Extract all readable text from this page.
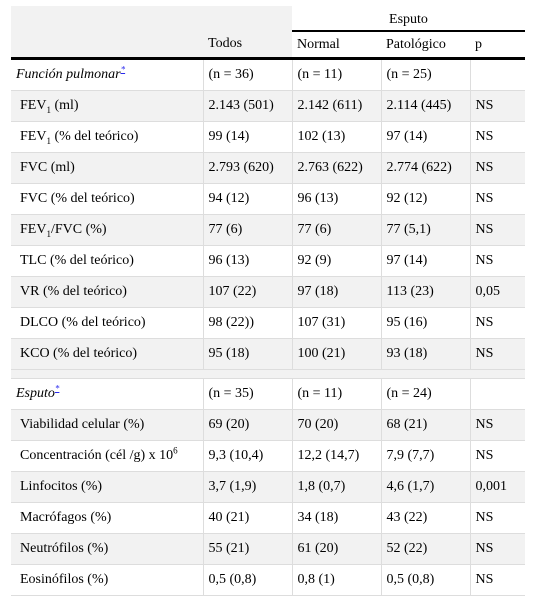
		Esputo		
	Todos	Normal	Patológico	p
Función pulmonar*	(n = 36)	(n = 11)	(n = 25)	
$FEV_1$ (ml)	2.143 (501)	2.142 (611)	2.114 (445)	NS
$FEV_1$ (% del teórico)	99 (14)	102 (13)	97 (14)	NS
FVC (ml)	2.793 (620)	2.763 (622)	2.774 (622)	NS
FVC (% del teórico)	94 (12)	96 (13)	92 (12)	NS
$FEV_1$/FVC (%)	77 (6)	77 (6)	77 (5,1)	NS
TLC (% del teórico)	96 (13)	92 (9)	97 (14)	NS
VR (% del teórico)	107 (22)	97 (18)	113 (23)	0,05
DLCO (% del teórico)	98 (22))	107 (31)	95 (16)	NS
KCO (% del teórico)	95 (18)	100 (21)	93 (18)	NS

Esputo*	(n = 35)	(n = 11)	(n = 24)	
Viabilidad celular (%)	69 (20)	70 (20)	68 (21)	NS
Concentración (cél /g) x $10^6$	9,3 (10,4)	12,2 (14,7)	7,9 (7,7)	NS
Linfocitos (%)	3,7 (1,9)	1,8 (0,7)	4,6 (1,7)	0,001
Macrófagos (%)	40 (21)	34 (18)	43 (22)	NS
Neutrófilos (%)	55 (21)	61 (20)	52 (22)	NS
Eosinófilos (%)	0,5 (0,8)	0,8 (1)	0,5 (0,8)	NS
